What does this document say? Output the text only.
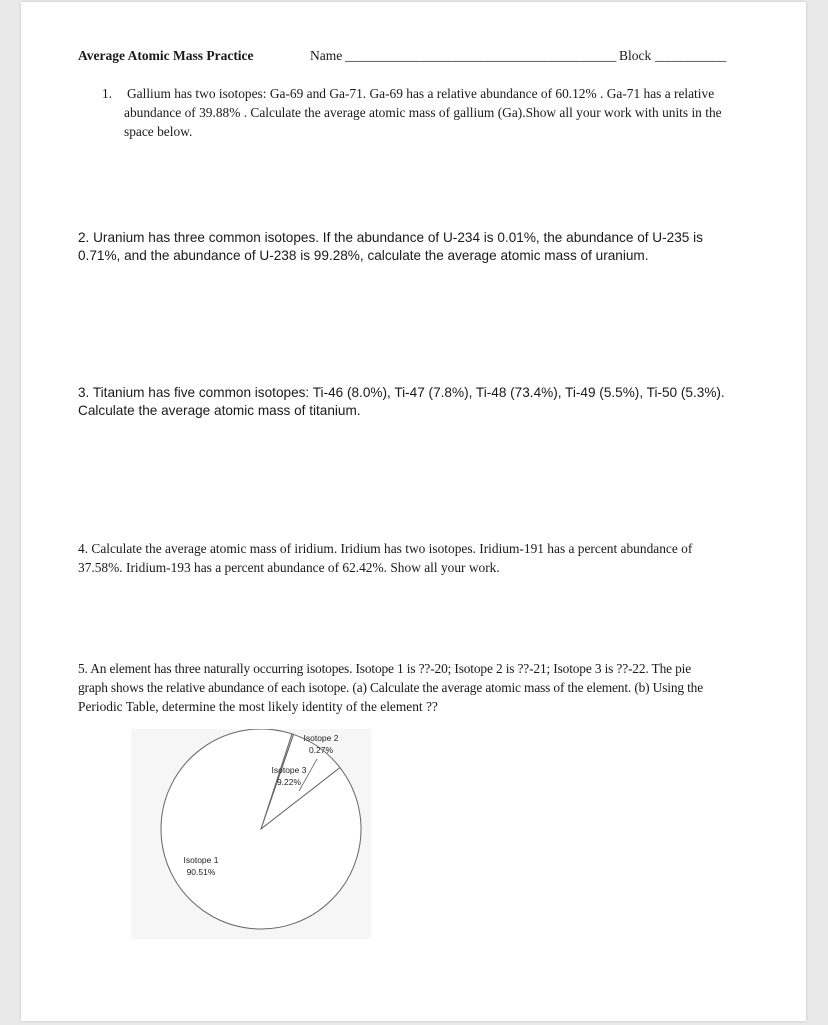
Average Atomic Mass Practice	Name __________________________________________ Block ___________
1. Gallium has two isotopes: Ga-69 and Ga-71. Ga-69 has a relative abundance of 60.12% . Ga-71 has a relative
abundance of 39.88% . Calculate the average atomic mass of gallium (Ga).Show all your work with units in the
space below.
2. Uranium has three common isotopes. If the abundance of U-234 is 0.01%, the abundance of U-235 is
0.71%, and the abundance of U-238 is 99.28%, calculate the average atomic mass of uranium.
3. Titanium has five common isotopes: Ti-46 (8.0%), Ti-47 (7.8%), Ti-48 (73.4%), Ti-49 (5.5%), Ti-50 (5.3%).
Calculate the average atomic mass of titanium.
4. Calculate the average atomic mass of iridium. Iridium has two isotopes. Iridium-191 has a percent abundance of
37.58%. Iridium-193 has a percent abundance of 62.42%. Show all your work.
5. An element has three naturally occurring isotopes. Isotope 1 is ??-20; Isotope 2 is ??-21; Isotope 3 is ??-22. The pie
graph shows the relative abundance of each isotope. (a) Calculate the average atomic mass of the element. (b) Using the
Periodic Table, determine the most likely identity of the element ??
Isotope 2
0.27%
Isotope 3
9.22%
Isotope 1
90.51%
